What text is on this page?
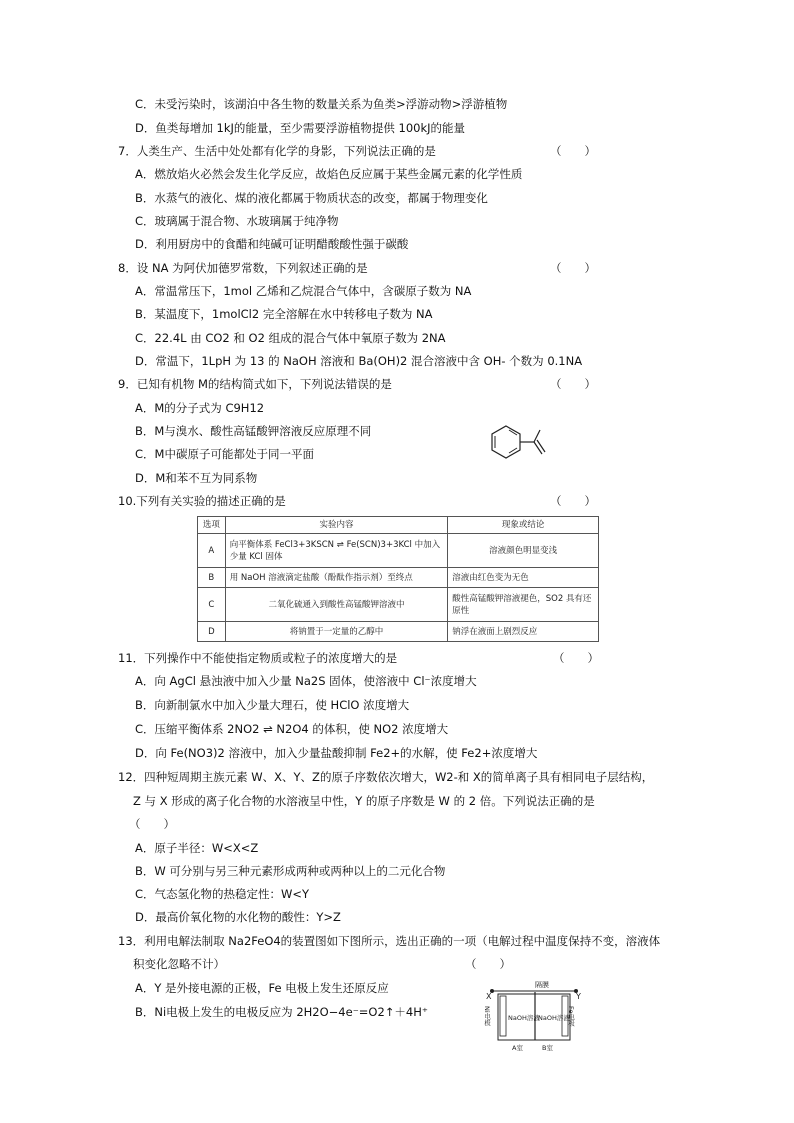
C．未受污染时，该湖泊中各生物的数量关系为鱼类>浮游动物>浮游植物
D．鱼类每增加 1kJ的能量，至少需要浮游植物提供 100kJ的能量
7．人类生产、生活中处处都有化学的身影，下列说法正确的是	（　　）
A．燃放焰火必然会发生化学反应，故焰色反应属于某些金属元素的化学性质
B．水蒸气的液化、煤的液化都属于物质状态的改变，都属于物理变化
C．玻璃属于混合物、水玻璃属于纯净物
D．利用厨房中的食醋和纯碱可证明醋酸酸性强于碳酸
8．设 NA 为阿伏加德罗常数，下列叙述正确的是	（　　）
A．常温常压下，1mol 乙烯和乙烷混合气体中，含碳原子数为 NA
B．某温度下，1molCl2 完全溶解在水中转移电子数为 NA
C．22.4L 由 CO2 和 O2 组成的混合气体中氧原子数为 2NA
D．常温下，1LpH 为 13 的 NaOH 溶液和 Ba(OH)2 混合溶液中含 OH- 个数为 0.1NA
9．已知有机物 M的结构简式如下，下列说法错误的是	（　　）
A．M的分子式为 C9H12
B．M与溴水、酸性高锰酸钾溶液反应原理不同
C．M中碳原子可能都处于同一平面
D．M和苯不互为同系物
10.下列有关实验的描述正确的是	（　　）
选项	实验内容	现象或结论
A	向平衡体系 FeCl3+3KSCN ⇌ Fe(SCN)3+3KCl 中加入少量 KCl 固体	溶液颜色明显变浅
B	用 NaOH 溶液滴定盐酸（酚酞作指示剂）至终点	溶液由红色变为无色
C	二氧化硫通入到酸性高锰酸钾溶液中	酸性高锰酸钾溶液褪色，SO2 具有还原性
D	将钠置于一定量的乙醇中	钠浮在液面上剧烈反应
11．下列操作中不能使指定物质或粒子的浓度增大的是	（　　）
A．向 AgCl 悬浊液中加入少量 Na2S 固体，使溶液中 Cl⁻浓度增大
B．向新制氯水中加入少量大理石，使 HClO 浓度增大
C．压缩平衡体系 2NO2 ⇌ N2O4 的体积，使 NO2 浓度增大
D．向 Fe(NO3)2 溶液中，加入少量盐酸抑制 Fe2+的水解，使 Fe2+浓度增大
12．四种短周期主族元素 W、X、Y、Z的原子序数依次增大，W2-和 X的简单离子具有相同电子层结构，
Z 与 X 形成的离子化合物的水溶液呈中性，Y 的原子序数是 W 的 2 倍。下列说法正确的是
（　　）
A．原子半径：W<X<Z
B．W 可分别与另三种元素形成两种或两种以上的二元化合物
C．气态氢化物的热稳定性：W<Y
D．最高价氧化物的水化物的酸性：Y>Z
13．利用电解法制取 Na2FeO4的装置图如下图所示，选出正确的一项（电解过程中温度保持不变，溶液体
积变化忽略不计）	（　　）
A．Y 是外接电源的正极，Fe 电极上发生还原反应
B．Ni电极上发生的电极反应为 2H2O−4e⁻=O2↑＋4H⁺
X	Y
隔膜
Ni电极	Fe电极
NaOH溶液
NaOH溶液
A室	B室
